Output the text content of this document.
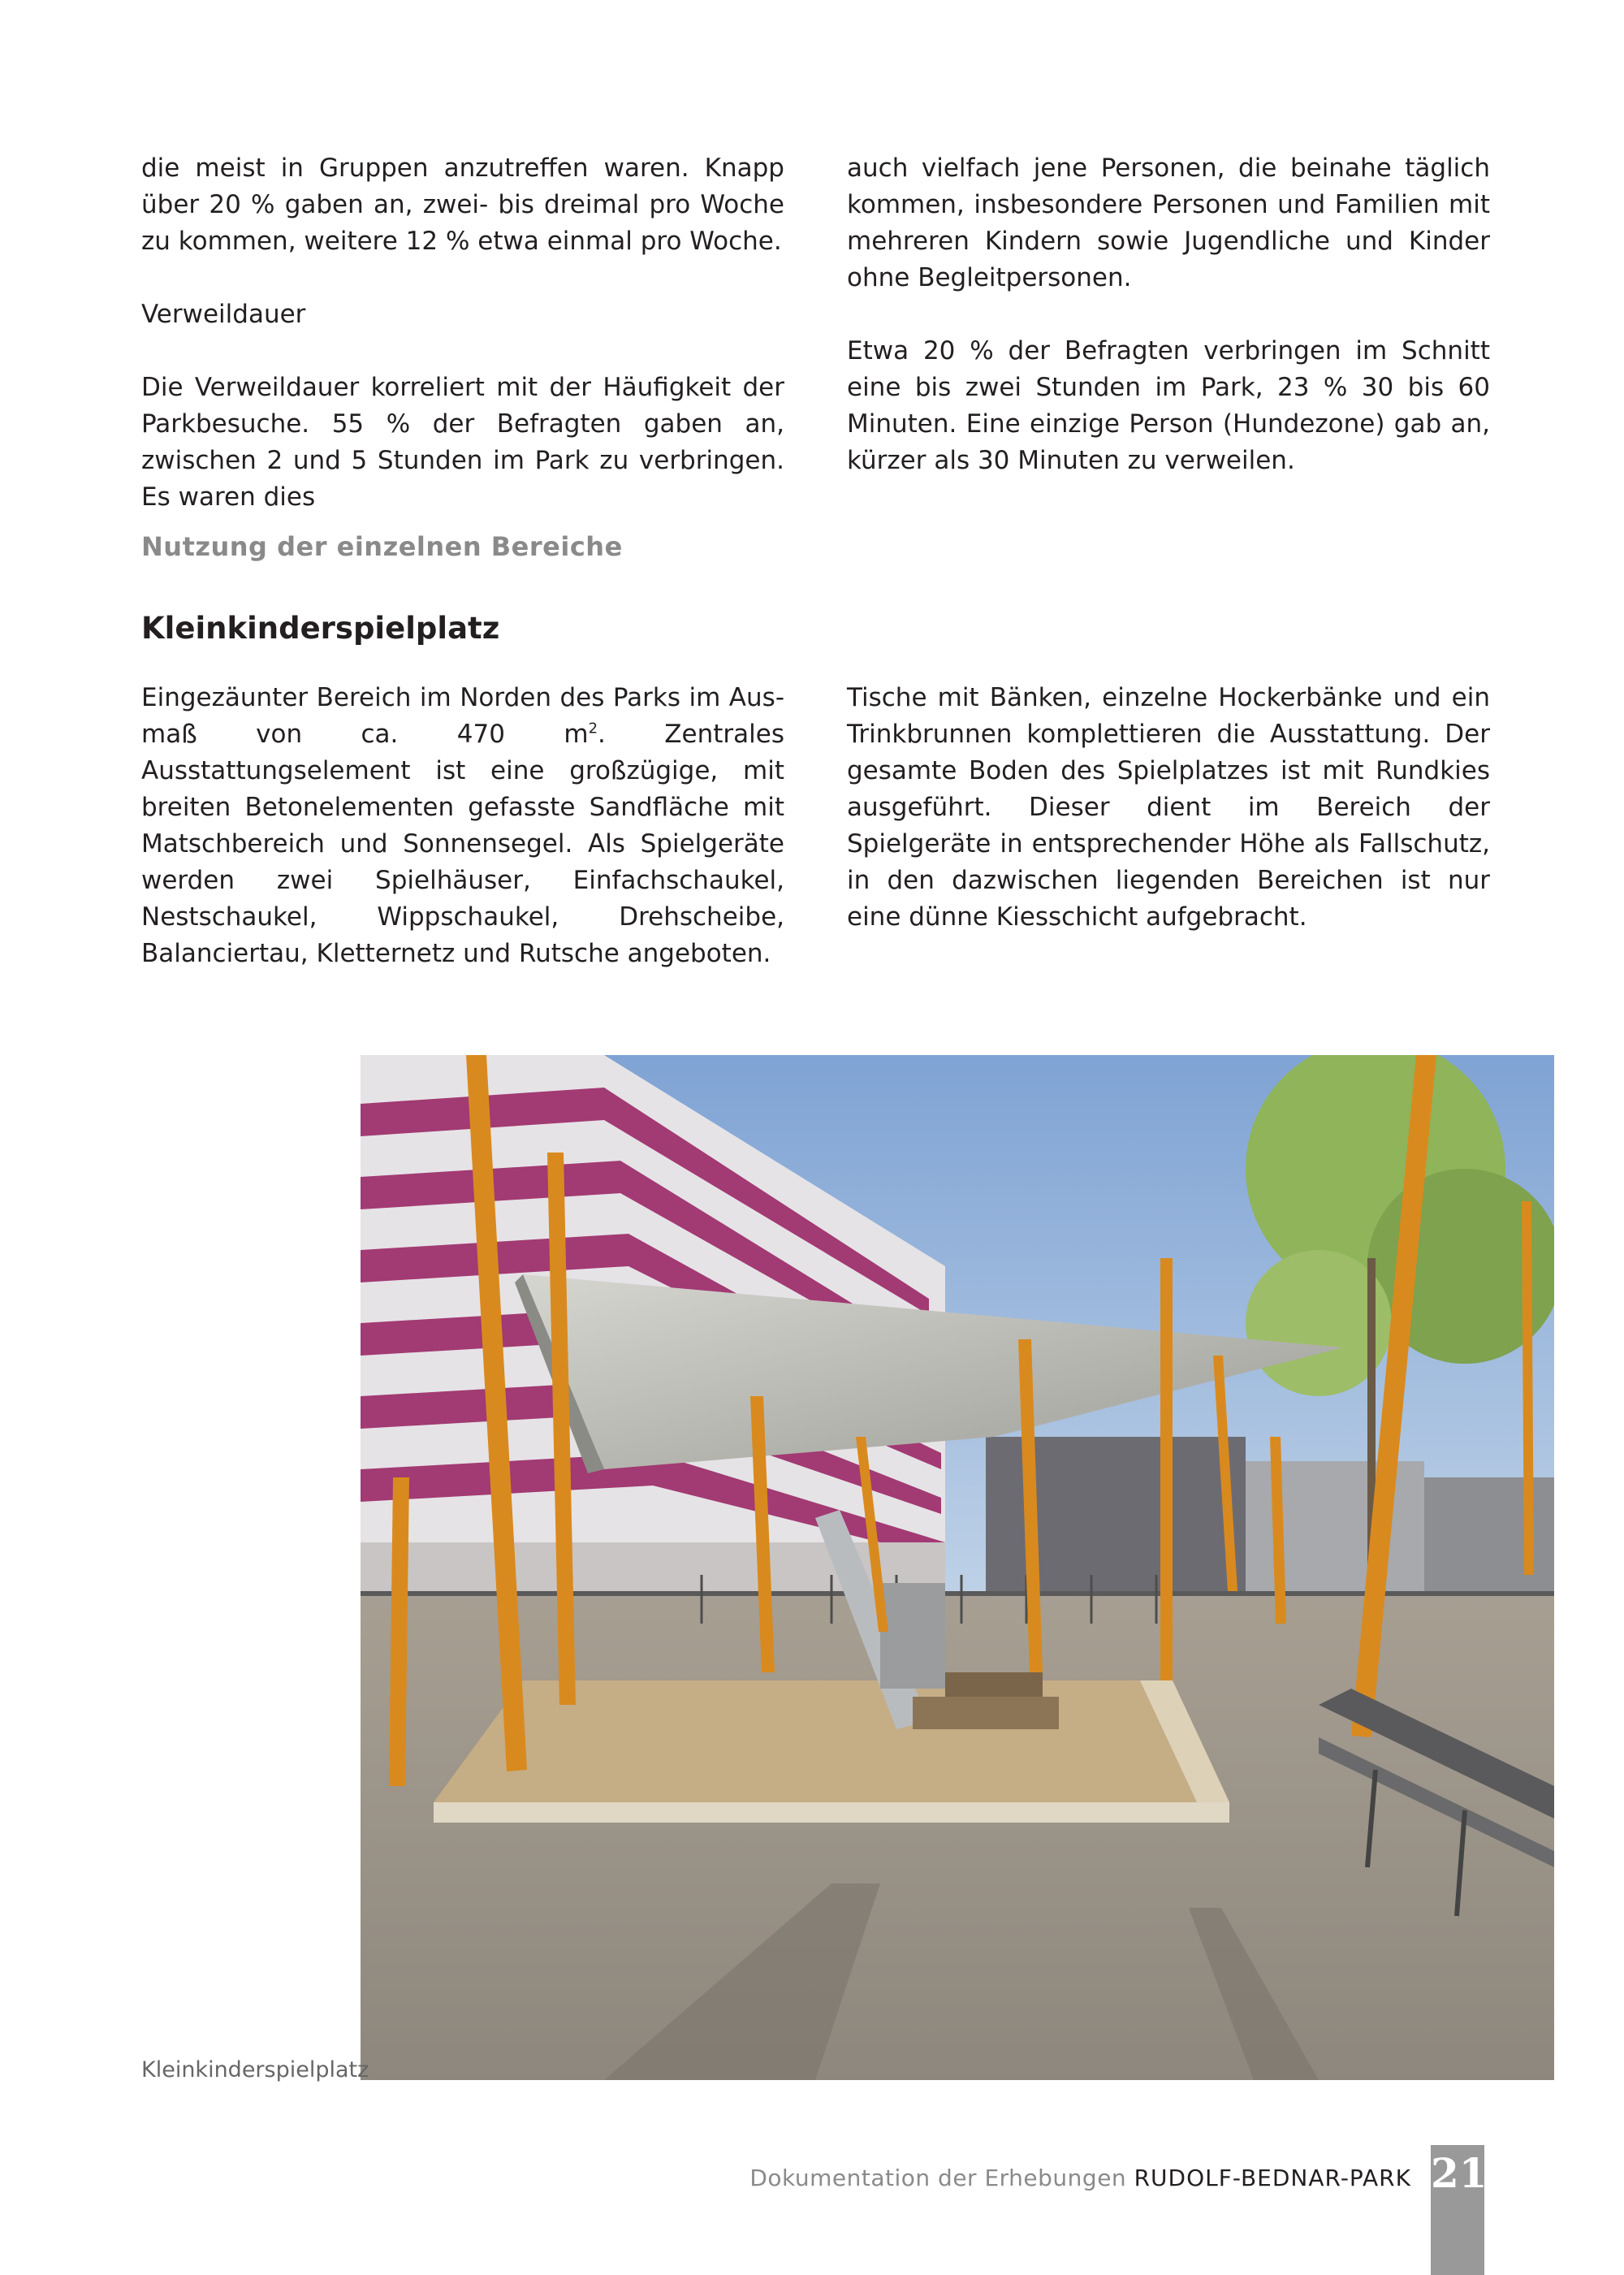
die meist in Gruppen anzutreffen waren. Knapp über 20 % gaben an, zwei- bis dreimal pro Woche zu kommen, weitere 12 % etwa einmal pro Woche.

Verweildauer

Die Verweildauer korreliert mit der Häufigkeit der Parkbesuche. 55 % der Befragten gaben an, zwischen 2 und 5 Stunden im Park zu verbringen. Es waren dies

auch vielfach jene Personen, die beinahe täglich kommen, insbesondere Personen und Familien mit mehreren Kindern sowie Jugendliche und Kinder ohne Begleitpersonen.

Etwa 20 % der Befragten verbringen im Schnitt eine bis zwei Stunden im Park, 23 % 30 bis 60 Minuten. Eine einzige Person (Hundezone) gab an, kürzer als 30 Minuten zu verweilen.

Nutzung der einzelnen Bereiche
Kleinkinderspielplatz

Eingezäunter Bereich im Norden des Parks im Ausmaß von ca. 470 $m^2$. Zentrales Ausstattungselement ist eine großzügige, mit breiten Betonelementen gefasste Sandfläche mit Matschbereich und Sonnensegel. Als Spielgeräte werden zwei Spielhäuser, Einfachschaukel, Nestschaukel, Wippschaukel, Drehscheibe, Balanciertau, Kletternetz und Rutsche angeboten.

Tische mit Bänken, einzelne Hockerbänke und ein Trinkbrunnen komplettieren die Ausstattung. Der gesamte Boden des Spielplatzes ist mit Rundkies ausgeführt. Dieser dient im Bereich der Spielgeräte in entsprechender Höhe als Fallschutz, in den dazwischen liegenden Bereichen ist nur eine dünne Kiesschicht aufgebracht.

Kleinkinderspielplatz
Dokumentation der Erhebungen RUDOLF-BEDNAR-PARK 21
